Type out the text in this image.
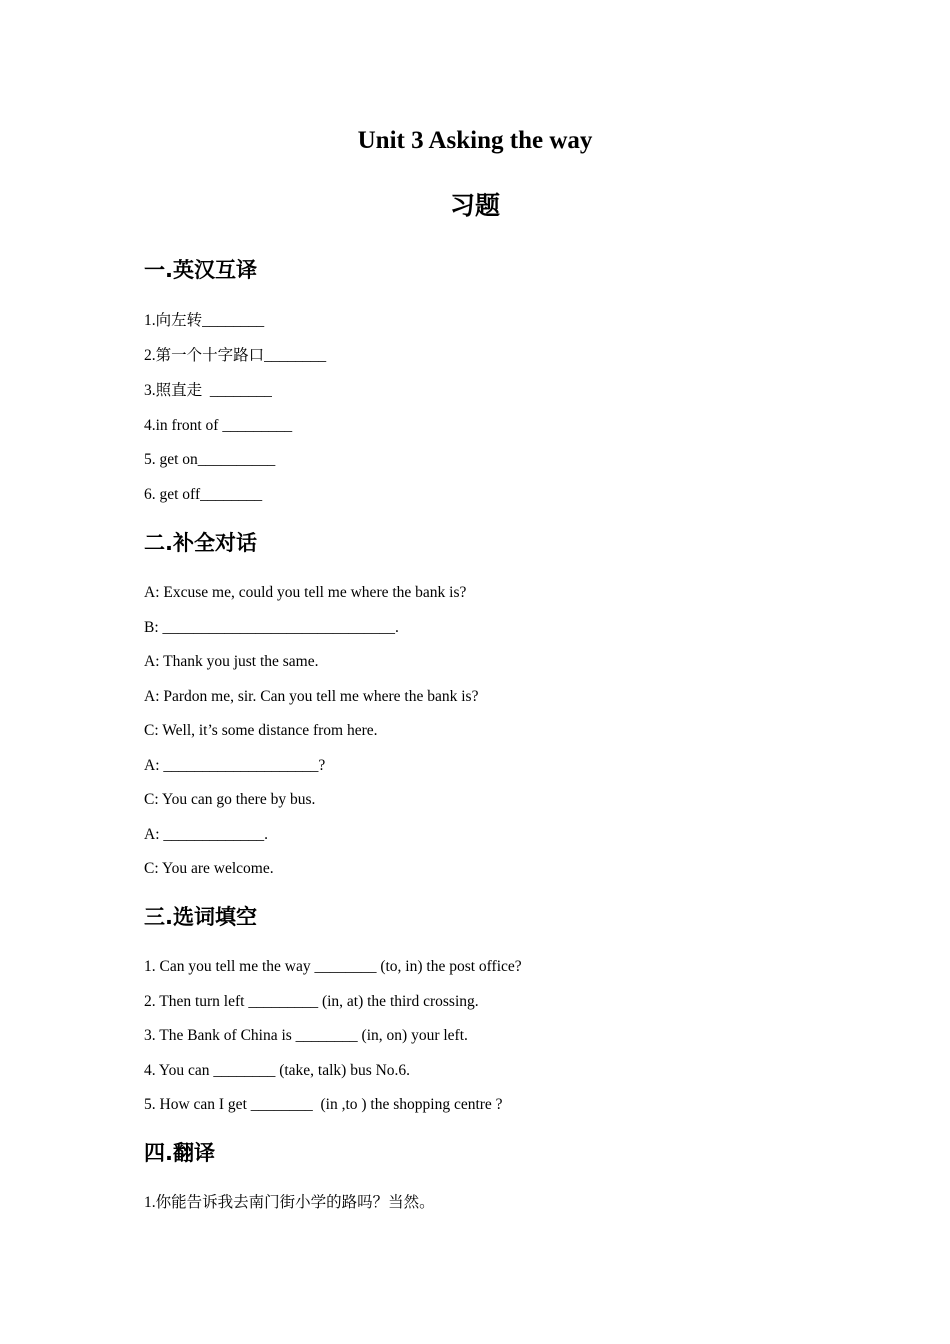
Unit 3 Asking the way
习题
一.英汉互译

1.向左转________

2.第一个十字路口________

3.照直走  ________

4.in front of _________

5. get on__________

6. get off________

二.补全对话

A: Excuse me, could you tell me where the bank is?

B: ______________________________.

A: Thank you just the same.

A: Pardon me, sir. Can you tell me where the bank is?

C: Well, it’s some distance from here.

A: ____________________?

C: You can go there by bus.

A: _____________.

C: You are welcome.

三.选词填空

1. Can you tell me the way ________ (to, in) the post office?

2. Then turn left _________ (in, at) the third crossing.

3. The Bank of China is ________ (in, on) your left.

4. You can ________ (take, talk) bus No.6.

5. How can I get ________  (in ,to ) the shopping centre ?

四.翻译

1.你能告诉我去南门街小学的路吗？当然。
